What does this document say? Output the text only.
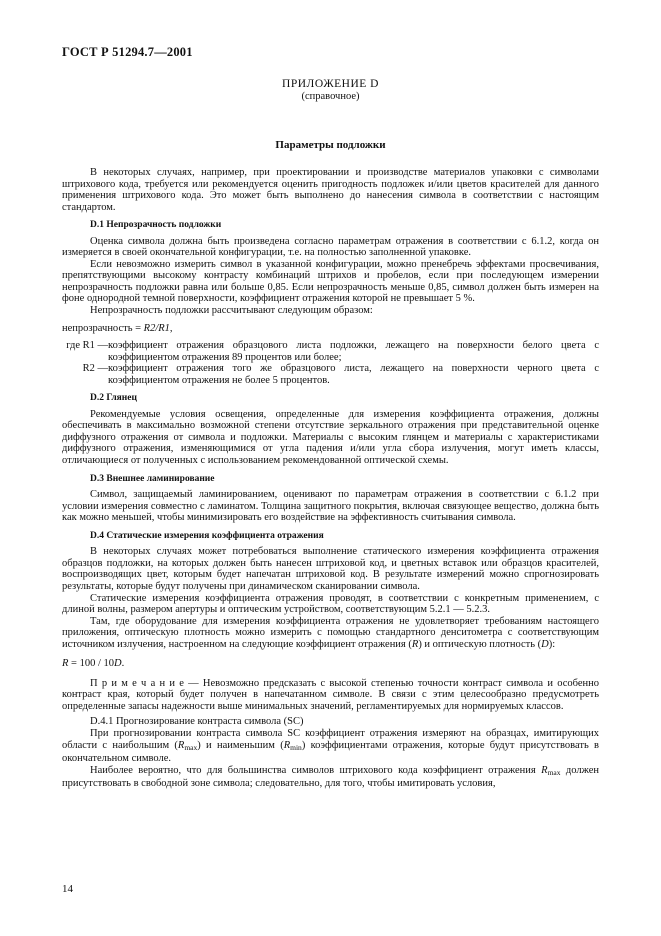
ГОСТ Р 51294.7—2001
ПРИЛОЖЕНИЕ D
(справочное)
Параметры подложки

В некоторых случаях, например, при проектировании и производстве материалов упаковки с символами штрихового кода, требуется или рекомендуется оценить пригодность подложек и/или цветов красителей для данного применения штрихового кода. Это может быть выполнено до нанесения символа в соответствии с настоящим стандартом.

D.1 Непрозрачность подложки

Оценка символа должна быть произведена согласно параметрам отражения в соответствии с 6.1.2, когда он измеряется в своей окончательной конфигурации, т.е. на полностью заполненной упаковке.

Если невозможно измерить символ в указанной конфигурации, можно пренебречь эффектами просвечивания, препятствующими высокому контрасту комбинаций штрихов и пробелов, если при последующем измерении непрозрачность подложки равна или больше 0,85. Если непрозрачность меньше 0,85, символ должен быть измерен на фоне однородной темной поверхности, коэффициент отражения которой не превышает 5 %.

Непрозрачность подложки рассчитывают следующим образом:

непрозрачность = R2/R1,

где R1 — коэффициент отражения образцового листа подложки, лежащего на поверхности белого цвета с коэффициентом отражения 89 процентов или более;
R2 — коэффициент отражения того же образцового листа, лежащего на поверхности черного цвета с коэффициентом отражения не более 5 процентов.
D.2 Глянец

Рекомендуемые условия освещения, определенные для измерения коэффициента отражения, должны обеспечивать в максимально возможной степени отсутствие зеркального отражения при представительной оценке диффузного отражения от символа и подложки. Материалы с высоким глянцем и материалы с характеристиками диффузного отражения, изменяющимися от угла падения и/или угла сбора излучения, могут иметь классы, отличающиеся от полученных с использованием рекомендованной оптической схемы.

D.3 Внешнее ламинирование

Символ, защищаемый ламинированием, оценивают по параметрам отражения в соответствии с 6.1.2 при условии измерения совместно с ламинатом. Толщина защитного покрытия, включая связующее вещество, должна быть как можно меньшей, чтобы минимизировать его воздействие на эффективность считывания символа.

D.4 Статические измерения коэффициента отражения

В некоторых случаях может потребоваться выполнение статического измерения коэффициента отражения образцов подложки, на которых должен быть нанесен штриховой код, и цветных вставок или образцов красителей, воспроизводящих цвет, которым будет напечатан штриховой код. В результате измерений можно спрогнозировать результаты, которые будут получены при динамическом сканировании символа.

Статические измерения коэффициента отражения проводят, в соответствии с конкретным применением, с длиной волны, размером апертуры и оптическим устройством, соответствующим 5.2.1 — 5.2.3.

Там, где оборудование для измерения коэффициента отражения не удовлетворяет требованиям настоящего приложения, оптическую плотность можно измерить с помощью стандартного денситометра с соответствующим источником излучения, настроенном на следующие коэффициент отражения (R) и оптическую плотность (D):

R = 100 / 10D.

П р и м е ч а н и е — Невозможно предсказать с высокой степенью точности контраст символа и особенно контраст края, который будет получен в напечатанном символе. В связи с этим целесообразно предусмотреть определенные запасы надежности выше минимальных значений, регламентируемых для нормируемых классов.

D.4.1 Прогнозирование контраста символа (SC)

При прогнозировании контраста символа SC коэффициент отражения измеряют на образцах, имитирующих области с наибольшим $(R_{max})$ и наименьшим $(R_{min})$ коэффициентами отражения, которые будут присутствовать в окончательном символе.

Наиболее вероятно, что для большинства символов штрихового кода коэффициент отражения $R_{max}$ должен присутствовать в свободной зоне символа; следовательно, для того, чтобы имитировать условия,

14
